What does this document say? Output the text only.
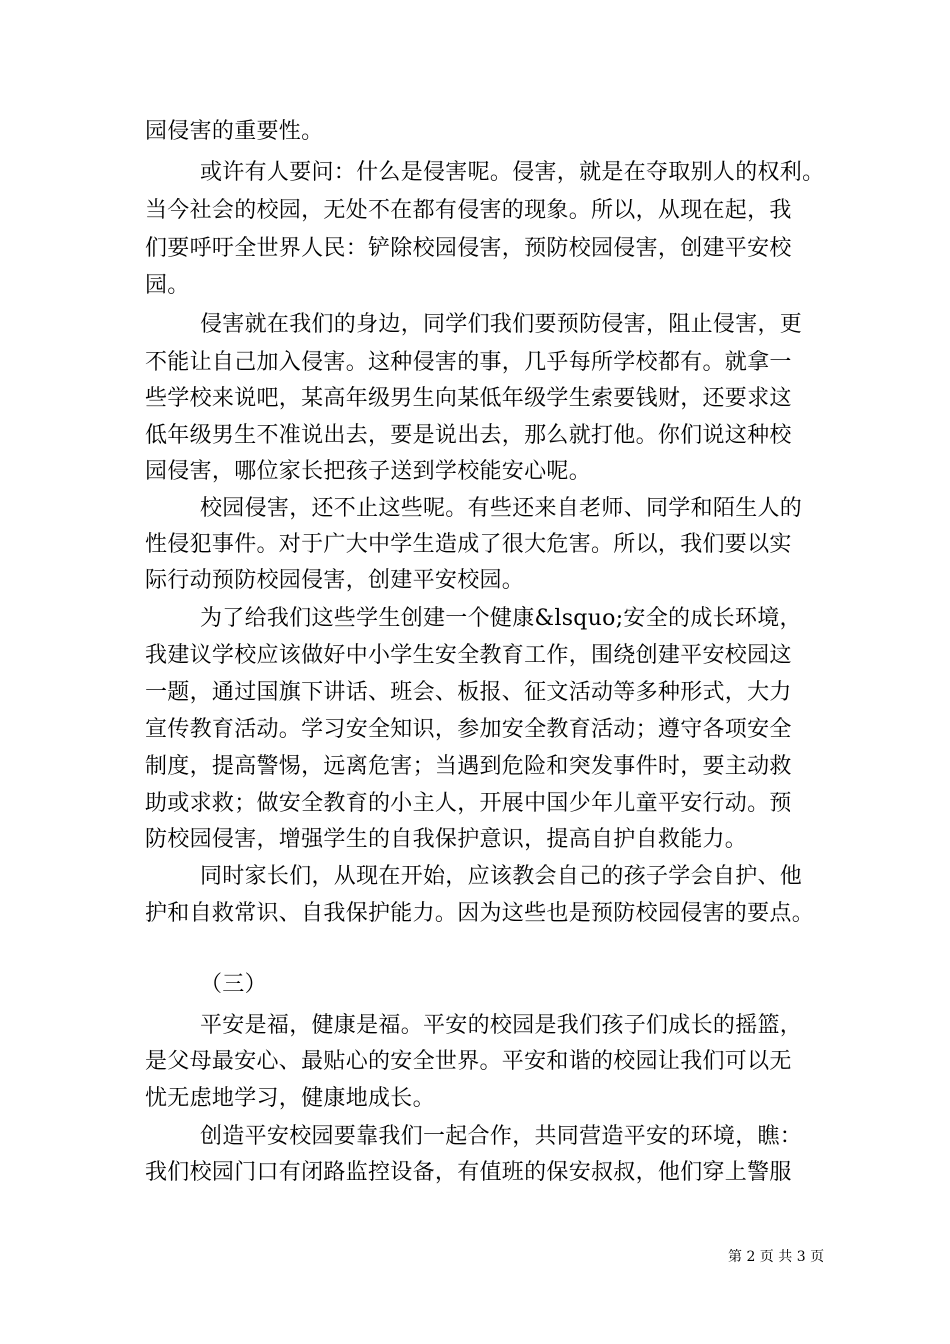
园侵害的重要性。
或许有人要问：什么是侵害呢。侵害，就是在夺取别人的权利。
当今社会的校园，无处不在都有侵害的现象。所以，从现在起，我
们要呼吁全世界人民：铲除校园侵害，预防校园侵害，创建平安校
园。
侵害就在我们的身边，同学们我们要预防侵害，阻止侵害，更
不能让自己加入侵害。这种侵害的事，几乎每所学校都有。就拿一
些学校来说吧，某高年级男生向某低年级学生索要钱财，还要求这
低年级男生不准说出去，要是说出去，那么就打他。你们说这种校
园侵害，哪位家长把孩子送到学校能安心呢。
校园侵害，还不止这些呢。有些还来自老师、同学和陌生人的
性侵犯事件。对于广大中学生造成了很大危害。所以，我们要以实
际行动预防校园侵害，创建平安校园。
为了给我们这些学生创建一个健康&lsquo;安全的成长环境，
我建议学校应该做好中小学生安全教育工作，围绕创建平安校园这
一题，通过国旗下讲话、班会、板报、征文活动等多种形式，大力
宣传教育活动。学习安全知识，参加安全教育活动；遵守各项安全
制度，提高警惕，远离危害；当遇到危险和突发事件时，要主动救
助或求救；做安全教育的小主人，开展中国少年儿童平安行动。预
防校园侵害，增强学生的自我保护意识，提高自护自救能力。
同时家长们，从现在开始，应该教会自己的孩子学会自护、他
护和自救常识、自我保护能力。因为这些也是预防校园侵害的要点。
（三）
平安是福，健康是福。平安的校园是我们孩子们成长的摇篮，
是父母最安心、最贴心的安全世界。平安和谐的校园让我们可以无
忧无虑地学习，健康地成长。
创造平安校园要靠我们一起合作，共同营造平安的环境，瞧：
我们校园门口有闭路监控设备，有值班的保安叔叔，他们穿上警服
第 2 页 共 3 页
